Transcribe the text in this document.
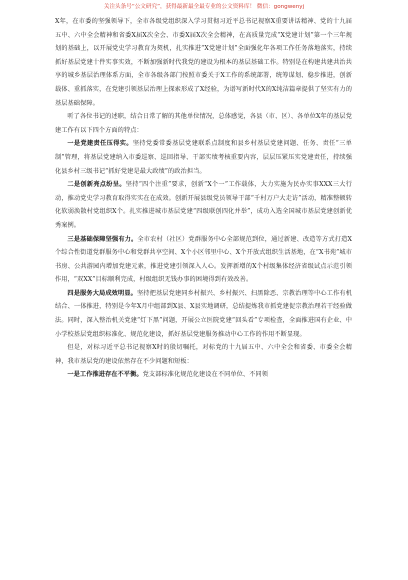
关注头条号“公文研究”，获得最新最全最专业的公文资料库！ 微信：gongwenyj

X年，在市委的坚强领导下，全市各级党组织深入学习贯彻习近平总书记视察X重要讲话精神、党的十九届五中、六中全会精神和省委X届X次全会、市委X届X次全会精神，在高质量完成“X党建计划”第一个三年规划的基础上，以开展党史学习教育为契机，扎实推进“X党建计划”全面强化年各项工作任务落地落实，持续抓好基层党建十件实事实效，不断加强新时代我党的建设为根本的基层基础工作。特别是在构建共建共治共享的城乡基层治理体系方面，全市各级各部门按照市委关于X工作的系统部署，统筹谋划、稳步推进，创新载体、重抓落实，在党建引领基层治理上探索形成了X经验，为谱写新时代X的X纯洁篇章提供了坚实有力的基层基础保障。

听了各位书记的述职，结合日常了解的其他单位情况，总体感觉，各县（市、区）、各单位X年的基层党建工作有以下四个方面的特点：

一是党建责任压得实。坚持党委常委基层党建联系点制度和县乡村基层党建问题、任务、责任“三单制”管理，将基层党建纳入市委巡察、巡回指导、干部实绩考核重要内容，层层压紧压实党建责任，持续强化县乡村三级书记“抓好党建是最大政绩”的政治担当。

二是创新亮点纷呈。坚持“四个注重”要求，创新“X个一”工作载体，大力实施为民办实事XXX三大行动，推动党史学习教育取得实实在在成效。创新开展县级党员领导干部“千村万户大走访”活动，精准整顿转化软弱涣散村党组织X个。扎实推进城市基层党建“四级联创四化并举”，成功入选全国城市基层党建创新优秀案例。

三是基础保障坚强有力。全市农村（社区）党群服务中心全部规范到位，通过新建、改造等方式打造X个综合性街道党群服务中心和党群共享空间、X个小区邻里中心、X个开放式组织生活基地，在“X书苑”城市书房、公共游园内增加党建元素，推进党建引领深入人心。发挥新增的X个村级集体经济省级试点示范引领作用，“双XX”目标顺利完成，村级组织无钱办事的困境得到有效改善。

四是服务大局成效明显。坚持把基层党建同乡村振兴、乡村振兴、扫黑除恶、宗教治理等中心工作有机结合、一体推进，特别是今年X月中组部到X县、X县实地调研，总结提炼我市抓党建促宗教治理若干经验做法。同时，深入整治机关党建“灯下黑”问题，开展公立医院党建“回头看”专项检查，全面推进国有企业、中小学校基层党组织标准化、规范化建设，抓好基层党建服务推动中心工作的作用不断显现。

但是，对标习近平总书记视察X时的殷切嘱托，对标党的十九届五中、六中全会和省委、市委全会精神，我市基层党的建设依然存在不少问题和短板：

一是工作推进存在不平衡。党支部标准化规范化建设在不同单位、不同领
